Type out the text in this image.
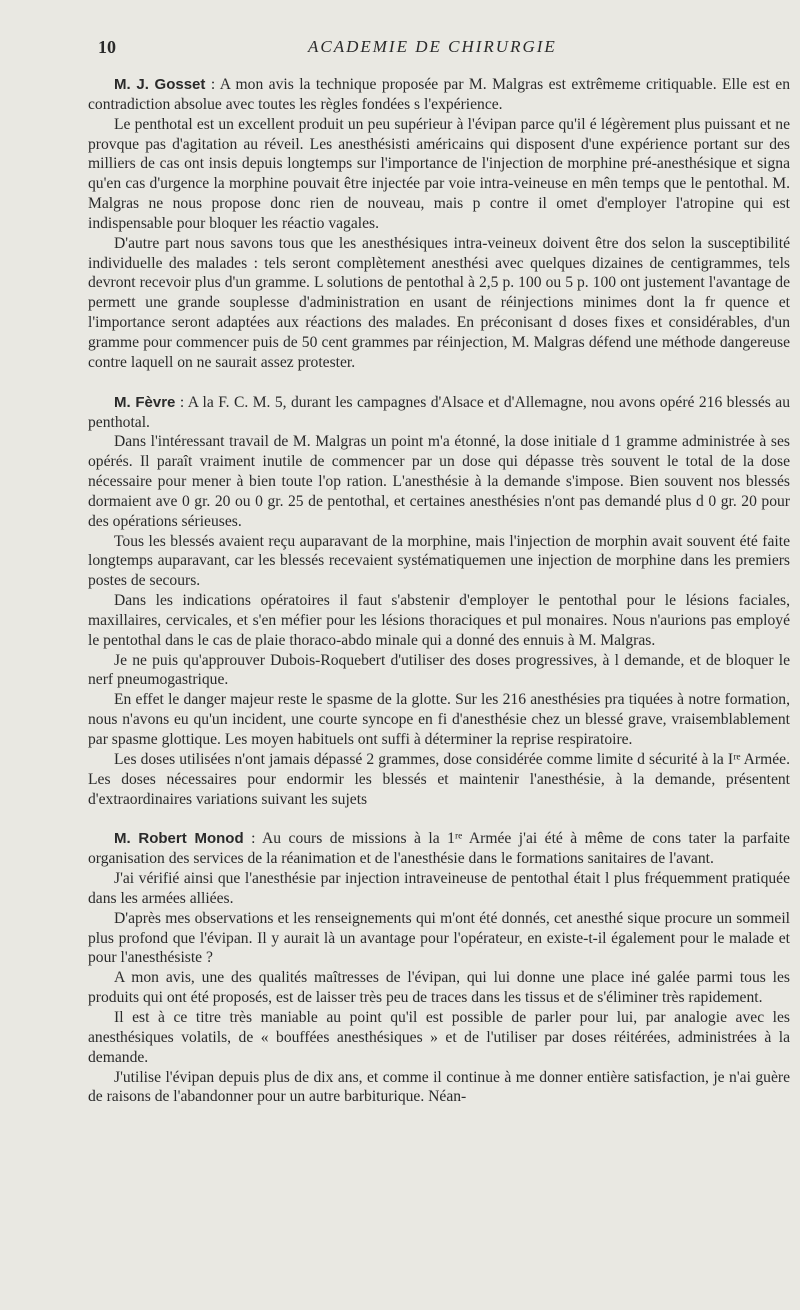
10	ACADEMIE DE CHIRURGIE

M. J. Gosset : A mon avis la technique proposée par M. Malgras est extrêmeme critiquable. Elle est en contradiction absolue avec toutes les règles fondées s l'expérience.

Le penthotal est un excellent produit un peu supérieur à l'évipan parce qu'il é légèrement plus puissant et ne provque pas d'agitation au réveil. Les anesthésisti américains qui disposent d'une expérience portant sur des milliers de cas ont insis depuis longtemps sur l'importance de l'injection de morphine pré-anesthésique et signa qu'en cas d'urgence la morphine pouvait être injectée par voie intra-veineuse en mên temps que le pentothal. M. Malgras ne nous propose donc rien de nouveau, mais p contre il omet d'employer l'atropine qui est indispensable pour bloquer les réactio vagales.

D'autre part nous savons tous que les anesthésiques intra-veineux doivent être dos selon la susceptibilité individuelle des malades : tels seront complètement anesthési avec quelques dizaines de centigrammes, tels devront recevoir plus d'un gramme. L solutions de pentothal à 2,5 p. 100 ou 5 p. 100 ont justement l'avantage de permett une grande souplesse d'administration en usant de réinjections minimes dont la fr quence et l'importance seront adaptées aux réactions des malades. En préconisant d doses fixes et considérables, d'un gramme pour commencer puis de 50 cent grammes par réinjection, M. Malgras défend une méthode dangereuse contre laquell on ne saurait assez protester.

M. Fèvre : A la F. C. M. 5, durant les campagnes d'Alsace et d'Allemagne, nou avons opéré 216 blessés au penthotal.

Dans l'intéressant travail de M. Malgras un point m'a étonné, la dose initiale d 1 gramme administrée à ses opérés. Il paraît vraiment inutile de commencer par un dose qui dépasse très souvent le total de la dose nécessaire pour mener à bien toute l'op ration. L'anesthésie à la demande s'impose. Bien souvent nos blessés dormaient ave 0 gr. 20 ou 0 gr. 25 de pentothal, et certaines anesthésies n'ont pas demandé plus d 0 gr. 20 pour des opérations sérieuses.

Tous les blessés avaient reçu auparavant de la morphine, mais l'injection de morphin avait souvent été faite longtemps auparavant, car les blessés recevaient systématiquemen une injection de morphine dans les premiers postes de secours.

Dans les indications opératoires il faut s'abstenir d'employer le pentothal pour le lésions faciales, maxillaires, cervicales, et s'en méfier pour les lésions thoraciques et pul monaires. Nous n'aurions pas employé le pentothal dans le cas de plaie thoraco-abdo minale qui a donné des ennuis à M. Malgras.

Je ne puis qu'approuver Dubois-Roquebert d'utiliser des doses progressives, à l demande, et de bloquer le nerf pneumogastrique.

En effet le danger majeur reste le spasme de la glotte. Sur les 216 anesthésies pra tiquées à notre formation, nous n'avons eu qu'un incident, une courte syncope en fi d'anesthésie chez un blessé grave, vraisemblablement par spasme glottique. Les moyen habituels ont suffi à déterminer la reprise respiratoire.

Les doses utilisées n'ont jamais dépassé 2 grammes, dose considérée comme limite d sécurité à la Iʳᵉ Armée. Les doses nécessaires pour endormir les blessés et maintenir l'anesthésie, à la demande, présentent d'extraordinaires variations suivant les sujets

M. Robert Monod : Au cours de missions à la 1ʳᵉ Armée j'ai été à même de cons tater la parfaite organisation des services de la réanimation et de l'anesthésie dans le formations sanitaires de l'avant.

J'ai vérifié ainsi que l'anesthésie par injection intraveineuse de pentothal était l plus fréquemment pratiquée dans les armées alliées.

D'après mes observations et les renseignements qui m'ont été donnés, cet anesthé sique procure un sommeil plus profond que l'évipan. Il y aurait là un avantage pour l'opérateur, en existe-t-il également pour le malade et pour l'anesthésiste ?

A mon avis, une des qualités maîtresses de l'évipan, qui lui donne une place iné galée parmi tous les produits qui ont été proposés, est de laisser très peu de traces dans les tissus et de s'éliminer très rapidement.

Il est à ce titre très maniable au point qu'il est possible de parler pour lui, par analogie avec les anesthésiques volatils, de « bouffées anesthésiques » et de l'utiliser par doses réitérées, administrées à la demande.

J'utilise l'évipan depuis plus de dix ans, et comme il continue à me donner entière satisfaction, je n'ai guère de raisons de l'abandonner pour un autre barbiturique. Néan-
